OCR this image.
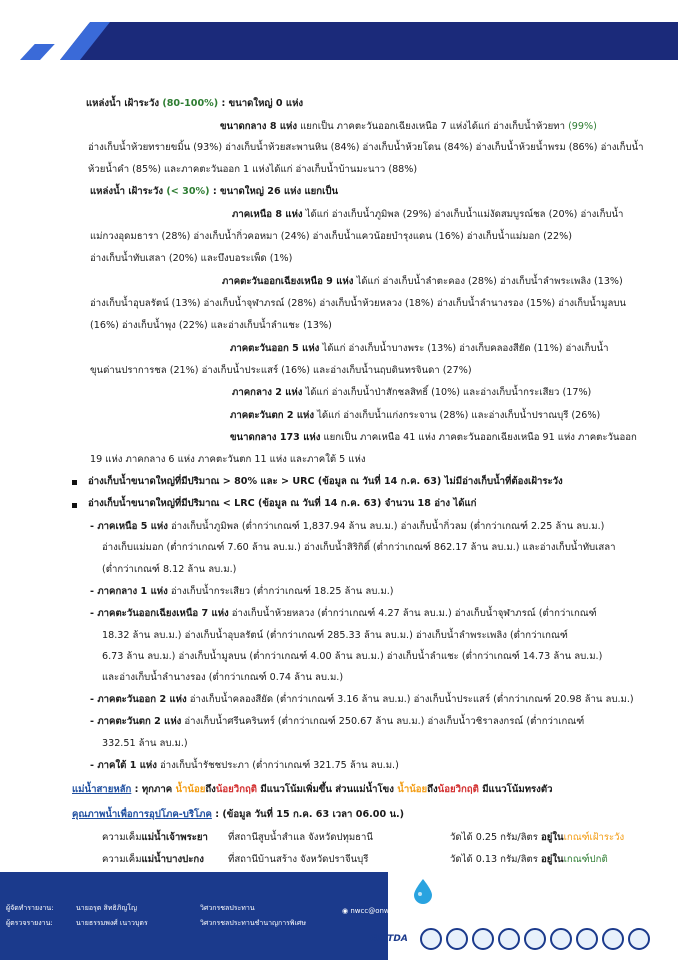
แหล่งน้ำ เฝ้าระวัง (80-100%) : ขนาดใหญ่ 0 แห่ง
ขนาดกลาง 8 แห่ง แยกเป็น ภาคตะวันออกเฉียงเหนือ 7 แห่งได้แก่ อ่างเก็บน้ำห้วยทา (99%)
อ่างเก็บน้ำห้วยทรายขมิ้น (93%) อ่างเก็บน้ำห้วยสะพานหิน (84%) อ่างเก็บน้ำห้วยโดน (84%) อ่างเก็บน้ำห้วยน้ำพรม (86%) อ่างเก็บน้ำ
ห้วยน้ำคำ (85%) และภาคตะวันออก 1 แห่งได้แก่ อ่างเก็บน้ำบ้านมะนาว (88%)
แหล่งน้ำ เฝ้าระวัง (< 30%) : ขนาดใหญ่ 26 แห่ง แยกเป็น
ภาคเหนือ 8 แห่ง ได้แก่ อ่างเก็บน้ำภูมิพล (29%) อ่างเก็บน้ำแม่งัดสมบูรณ์ชล (20%) อ่างเก็บน้ำ
แม่กวงอุดมธารา (28%) อ่างเก็บน้ำกิ่วคอหมา (24%) อ่างเก็บน้ำแควน้อยบำรุงแดน (16%) อ่างเก็บน้ำแม่มอก (22%)
อ่างเก็บน้ำทับเสลา (20%) และบึงบอระเพ็ด (1%)
ภาคตะวันออกเฉียงเหนือ 9 แห่ง ได้แก่ อ่างเก็บน้ำลำตะคอง (28%) อ่างเก็บน้ำลำพระเพลิง (13%)
อ่างเก็บน้ำอุบลรัตน์ (13%) อ่างเก็บน้ำจุฬาภรณ์ (28%) อ่างเก็บน้ำห้วยหลวง (18%) อ่างเก็บน้ำลำนางรอง (15%) อ่างเก็บน้ำมูลบน
(16%) อ่างเก็บน้ำพุง (22%) และอ่างเก็บน้ำลำแชะ (13%)
ภาคตะวันออก 5 แห่ง ได้แก่ อ่างเก็บน้ำบางพระ (13%) อ่างเก็บคลองสียัด (11%) อ่างเก็บน้ำ
ขุนด่านปราการชล (21%) อ่างเก็บน้ำประแสร์ (16%) และอ่างเก็บน้ำนฤบดินทรจินดา (27%)
ภาคกลาง 2 แห่ง ได้แก่ อ่างเก็บน้ำป่าสักชลสิทธิ์ (10%) และอ่างเก็บน้ำกระเสียว (17%)
ภาคตะวันตก 2 แห่ง ได้แก่ อ่างเก็บน้ำแก่งกระจาน (28%) และอ่างเก็บน้ำปราณบุรี (26%)
ขนาดกลาง 173 แห่ง แยกเป็น ภาคเหนือ 41 แห่ง ภาคตะวันออกเฉียงเหนือ 91 แห่ง ภาคตะวันออก
19 แห่ง ภาคกลาง 6 แห่ง ภาคตะวันตก 11 แห่ง และภาคใต้ 5 แห่ง
อ่างเก็บน้ำขนาดใหญ่ที่มีปริมาณ > 80% และ > URC (ข้อมูล ณ วันที่ 14 ก.ค. 63) ไม่มีอ่างเก็บน้ำที่ต้องเฝ้าระวัง
อ่างเก็บน้ำขนาดใหญ่ที่มีปริมาณ < LRC (ข้อมูล ณ วันที่ 14 ก.ค. 63) จำนวน 18 อ่าง ได้แก่
- ภาคเหนือ 5 แห่ง อ่างเก็บน้ำภูมิพล (ต่ำกว่าเกณฑ์ 1,837.94 ล้าน ลบ.ม.) อ่างเก็บน้ำกิ่วลม (ต่ำกว่าเกณฑ์ 2.25 ล้าน ลบ.ม.)
อ่างเก็บแม่มอก (ต่ำกว่าเกณฑ์ 7.60 ล้าน ลบ.ม.) อ่างเก็บน้ำสิริกิติ์ (ต่ำกว่าเกณฑ์ 862.17 ล้าน ลบ.ม.) และอ่างเก็บน้ำทับเสลา
(ต่ำกว่าเกณฑ์ 8.12 ล้าน ลบ.ม.)
- ภาคกลาง 1 แห่ง อ่างเก็บน้ำกระเสียว (ต่ำกว่าเกณฑ์ 18.25 ล้าน ลบ.ม.)
- ภาคตะวันออกเฉียงเหนือ 7 แห่ง อ่างเก็บน้ำห้วยหลวง (ต่ำกว่าเกณฑ์ 4.27 ล้าน ลบ.ม.) อ่างเก็บน้ำจุฬาภรณ์ (ต่ำกว่าเกณฑ์
18.32 ล้าน ลบ.ม.) อ่างเก็บน้ำอุบลรัตน์ (ต่ำกว่าเกณฑ์ 285.33 ล้าน ลบ.ม.) อ่างเก็บน้ำลำพระเพลิง (ต่ำกว่าเกณฑ์
6.73 ล้าน ลบ.ม.) อ่างเก็บน้ำมูลบน (ต่ำกว่าเกณฑ์ 4.00 ล้าน ลบ.ม.) อ่างเก็บน้ำลำแชะ (ต่ำกว่าเกณฑ์ 14.73 ล้าน ลบ.ม.)
และอ่างเก็บน้ำลำนางรอง (ต่ำกว่าเกณฑ์ 0.74 ล้าน ลบ.ม.)
- ภาคตะวันออก 2 แห่ง อ่างเก็บน้ำคลองสียัด (ต่ำกว่าเกณฑ์ 3.16 ล้าน ลบ.ม.) อ่างเก็บน้ำประแสร์ (ต่ำกว่าเกณฑ์ 20.98 ล้าน ลบ.ม.)
- ภาคตะวันตก 2 แห่ง อ่างเก็บน้ำศรีนครินทร์ (ต่ำกว่าเกณฑ์ 250.67 ล้าน ลบ.ม.) อ่างเก็บน้ำวชิราลงกรณ์ (ต่ำกว่าเกณฑ์
332.51 ล้าน ลบ.ม.)
- ภาคใต้ 1 แห่ง อ่างเก็บน้ำรัชชประภา (ต่ำกว่าเกณฑ์ 321.75 ล้าน ลบ.ม.)
แม่น้ำสายหลัก : ทุกภาค น้ำน้อยถึงน้อยวิกฤติ มีแนวโน้มเพิ่มขึ้น ส่วนแม่น้ำโขง น้ำน้อยถึงน้อยวิกฤติ มีแนวโน้มทรงตัว
คุณภาพน้ำเพื่อการอุปโภค-บริโภค : (ข้อมูล วันที่ 15 ก.ค. 63 เวลา 06.00 น.)
ความเค็มแม่น้ำเจ้าพระยา ที่สถานีสูบน้ำสำแล จังหวัดปทุมธานี	วัดได้ 0.25 กรัม/ลิตร อยู่ในเกณฑ์เฝ้าระวัง
ความเค็มแม่น้ำบางปะกง	ที่สถานีบ้านสร้าง จังหวัดปราจีนบุรี	วัดได้ 0.13 กรัม/ลิตร อยู่ในเกณฑ์ปกติ
ผู้จัดทำรายงาน:	นายอรุต สิทธิภิญโญ	วิศวกรชลประทาน
ผู้ตรวจรายงาน:	นายธรรมพงศ์ เนาวบุตร	วิศวกรชลประทานชำนาญการพิเศษ
จัดทำโดย : ศูนย์อำนวยการน้ำแห่งชาติ
◉ nwcc@onwr.go.th ✉ nwcc.onwr@gmail.com ✆ 02-554-1847, 02-554-1800
GISTDA
